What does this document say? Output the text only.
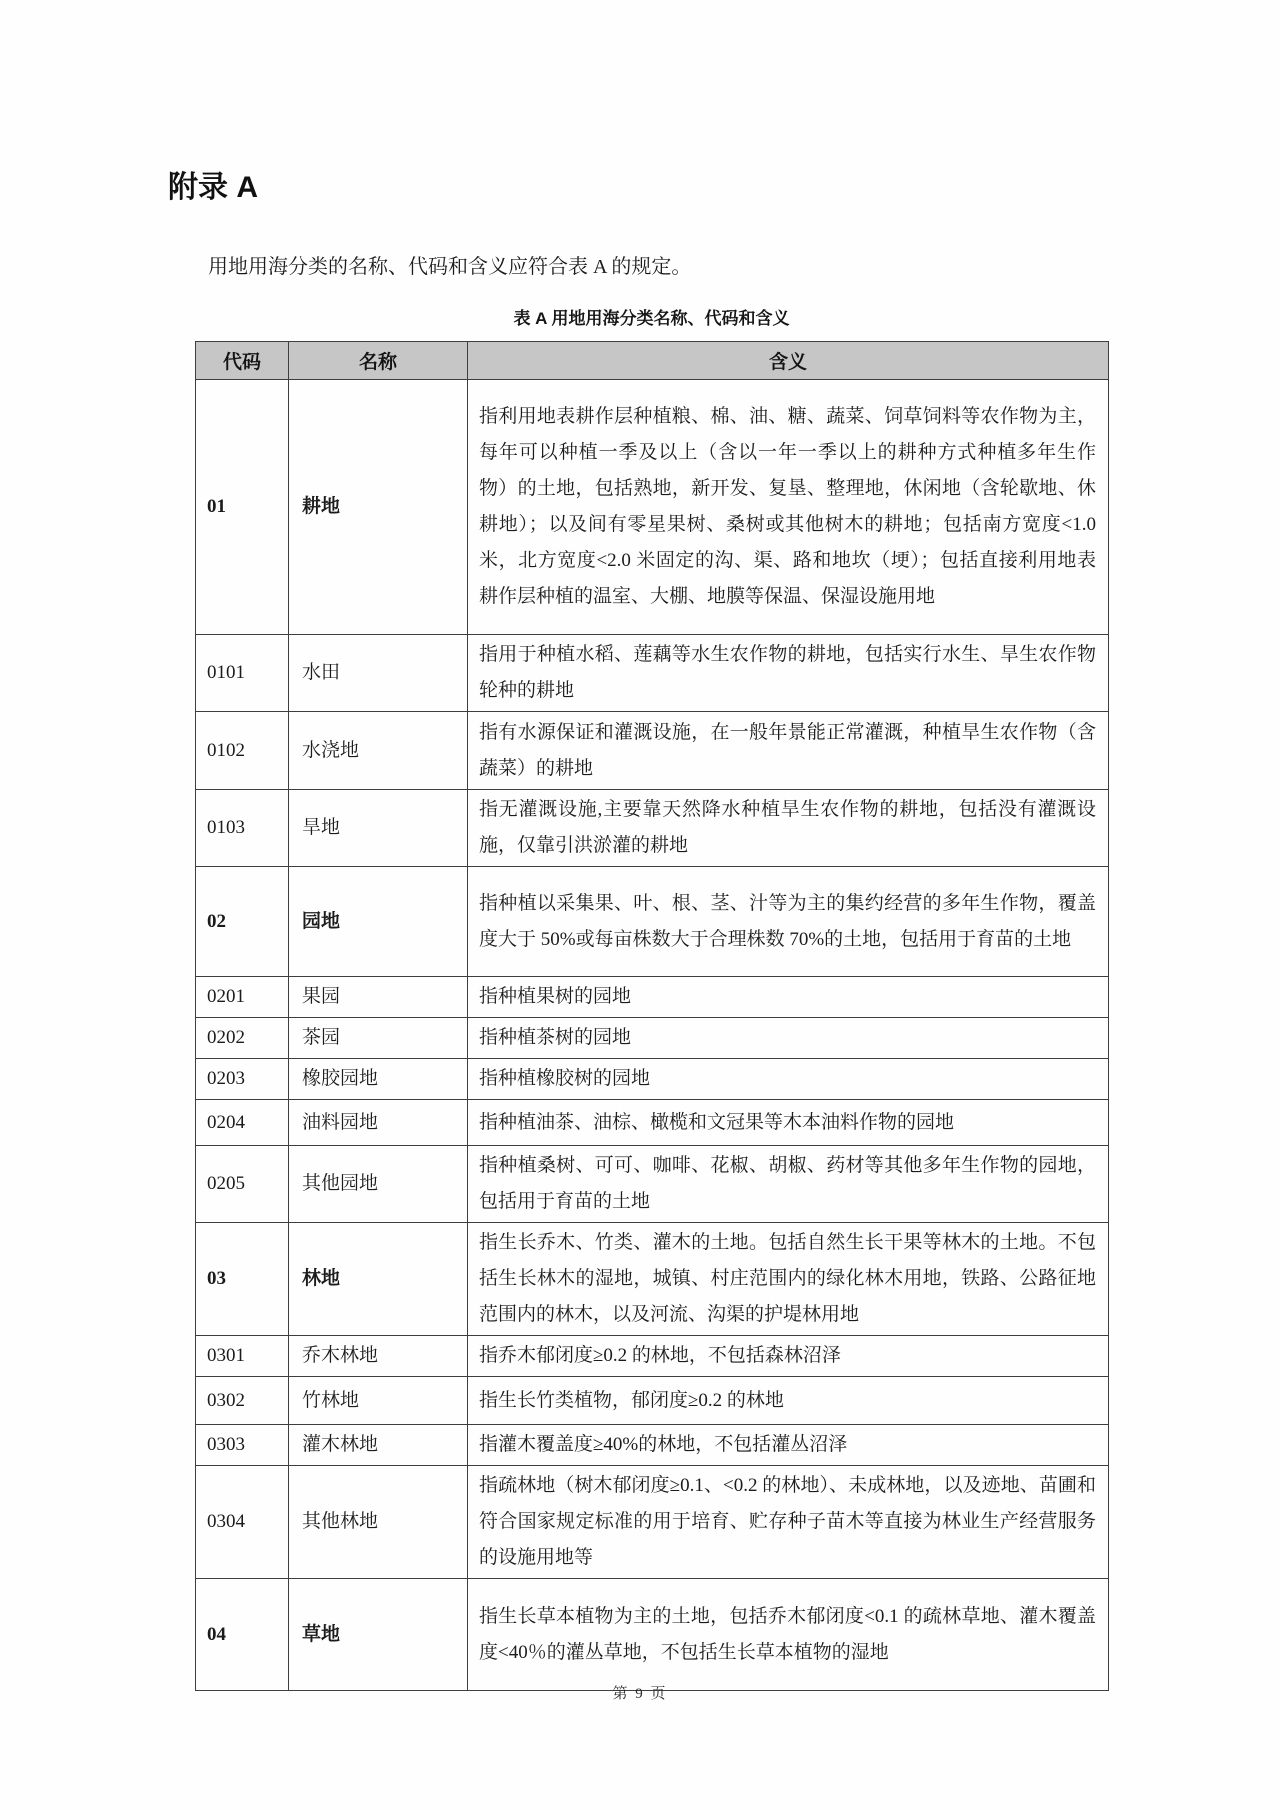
附录 A

用地用海分类的名称、代码和含义应符合表 A 的规定。

表 A 用地用海分类名称、代码和含义
代码	名称	含义
01	耕地	指利用地表耕作层种植粮、棉、油、糖、蔬菜、饲草饲料等农作物为主，每年可以种植一季及以上（含以一年一季以上的耕种方式种植多年生作物）的土地，包括熟地，新开发、复垦、整理地，休闲地（含轮歇地、休耕地）；以及间有零星果树、桑树或其他树木的耕地；包括南方宽度<1.0 米，北方宽度<2.0 米固定的沟、渠、路和地坎（埂）；包括直接利用地表耕作层种植的温室、大棚、地膜等保温、保湿设施用地
0101	水田	指用于种植水稻、莲藕等水生农作物的耕地，包括实行水生、旱生农作物轮种的耕地
0102	水浇地	指有水源保证和灌溉设施，在一般年景能正常灌溉，种植旱生农作物（含蔬菜）的耕地
0103	旱地	指无灌溉设施,主要靠天然降水种植旱生农作物的耕地，包括没有灌溉设施，仅靠引洪淤灌的耕地
02	园地	指种植以采集果、叶、根、茎、汁等为主的集约经营的多年生作物，覆盖度大于 50%或每亩株数大于合理株数 70%的土地，包括用于育苗的土地
0201	果园	指种植果树的园地
0202	茶园	指种植茶树的园地
0203	橡胶园地	指种植橡胶树的园地
0204	油料园地	指种植油茶、油棕、橄榄和文冠果等木本油料作物的园地
0205	其他园地	指种植桑树、可可、咖啡、花椒、胡椒、药材等其他多年生作物的园地，包括用于育苗的土地
03	林地	指生长乔木、竹类、灌木的土地。包括自然生长干果等林木的土地。不包括生长林木的湿地，城镇、村庄范围内的绿化林木用地，铁路、公路征地范围内的林木，以及河流、沟渠的护堤林用地
0301	乔木林地	指乔木郁闭度≥0.2 的林地，不包括森林沼泽
0302	竹林地	指生长竹类植物，郁闭度≥0.2 的林地
0303	灌木林地	指灌木覆盖度≥40%的林地，不包括灌丛沼泽
0304	其他林地	指疏林地（树木郁闭度≥0.1、<0.2 的林地）、未成林地，以及迹地、苗圃和符合国家规定标准的用于培育、贮存种子苗木等直接为林业生产经营服务的设施用地等
04	草地	指生长草本植物为主的土地，包括乔木郁闭度<0.1 的疏林草地、灌木覆盖度<40％的灌丛草地，不包括生长草本植物的湿地
第 9 页
